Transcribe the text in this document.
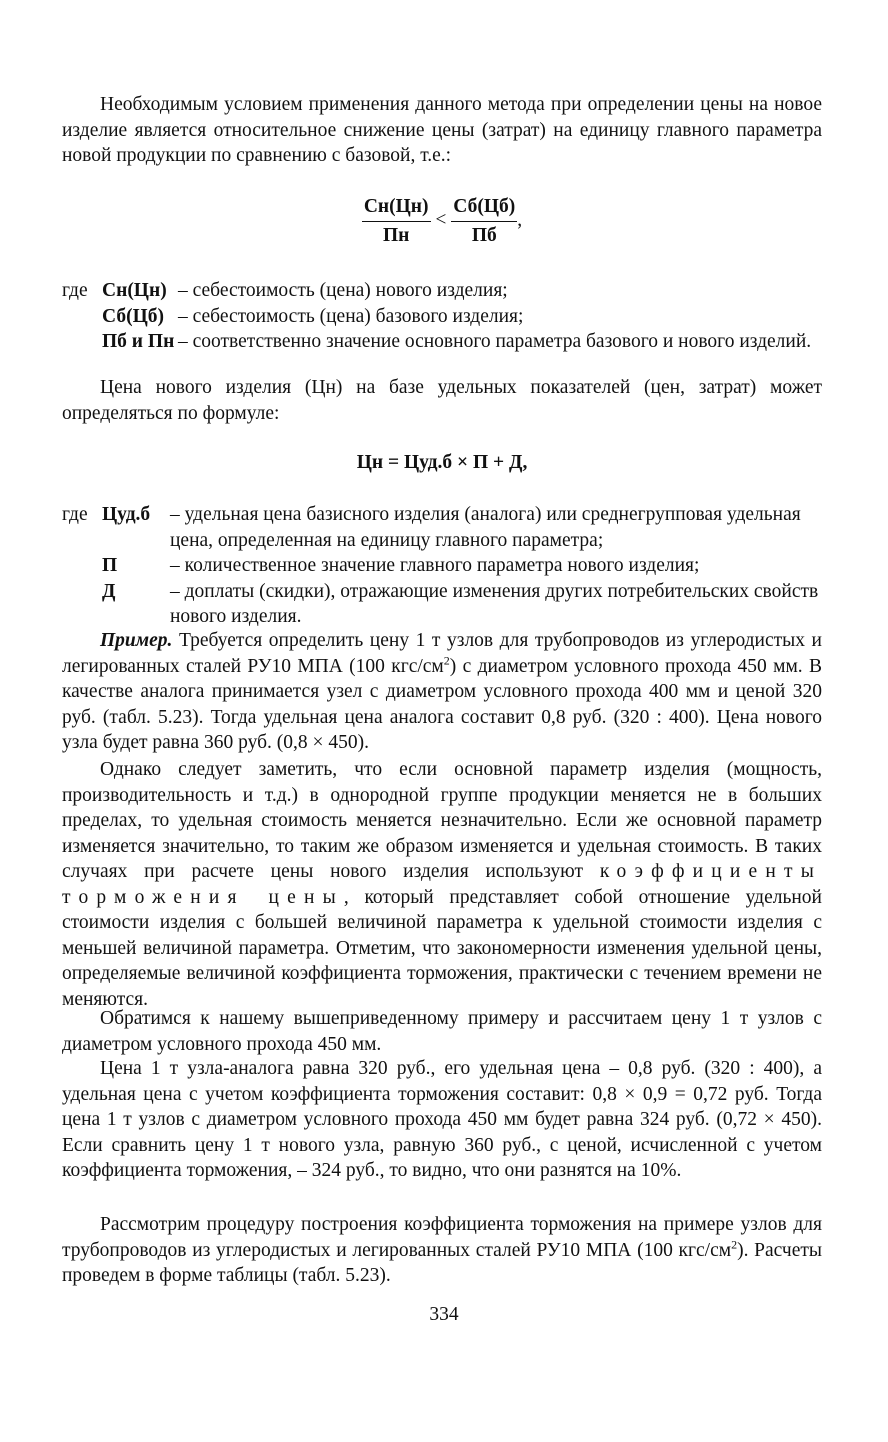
Необходимым условием применения данного метода при определении цены на новое изделие является относительное снижение цены (затрат) на единицу главного параметра новой продукции по сравнению с базовой, т.е.:
$\frac{Сн(Цн)}{Пн} < \frac{Сб(Цб)}{Пб}$ ,
где Сн(Цн) – себестоимость (цена) нового изделия;
Сб(Цб) – себестоимость (цена) базового изделия;
Пб и Пн – соответственно значение основного параметра базового и нового изделий.
Цена нового изделия (Цн) на базе удельных показателей (цен, затрат) может определяться по формуле:
Цн = Цуд.б × П + Д,
где Цуд.б	– удельная цена базисного изделия (аналога) или среднегрупповая удельная цена, определенная на единицу главного параметра;
П	– количественное значение главного параметра нового изделия;
Д	– доплаты (скидки), отражающие изменения других потребительских свойств нового изделия.
Пример. Требуется определить цену 1 т узлов для трубопроводов из углеродистых и легированных сталей РУ10 МПА (100 кгс/$см^2$) с диаметром условного прохода 450 мм. В качестве аналога принимается узел с диаметром условного прохода 400 мм и ценой 320 руб. (табл. 5.23). Тогда удельная цена аналога составит 0,8 руб. (320 : 400). Цена нового узла будет равна 360 руб. (0,8 × 450).
Однако следует заметить, что если основной параметр изделия (мощность, производительность и т.д.) в однородной группе продукции меняется не в больших пределах, то удельная стоимость меняется незначительно. Если же основной параметр изменяется значительно, то таким же образом изменяется и удельная стоимость. В таких случаях при расчете цены нового изделия используют коэффициенты торможения цены, который представляет собой отношение удельной стоимости изделия с большей величиной параметра к удельной стоимости изделия с меньшей величиной параметра. Отметим, что закономерности изменения удельной цены, определяемые величиной коэффициента торможения, практически с течением времени не меняются.
Обратимся к нашему вышеприведенному примеру и рассчитаем цену 1 т узлов с диаметром условного прохода 450 мм.
Цена 1 т узла-аналога равна 320 руб., его удельная цена – 0,8 руб. (320 : 400), а удельная цена с учетом коэффициента торможения составит: 0,8 × 0,9 = 0,72 руб. Тогда цена 1 т узлов с диаметром условного прохода 450 мм будет равна 324 руб. (0,72 × 450). Если сравнить цену 1 т нового узла, равную 360 руб., с ценой, исчисленной с учетом коэффициента торможения, – 324 руб., то видно, что они разнятся на 10%.
Рассмотрим процедуру построения коэффициента торможения на примере узлов для трубопроводов из углеродистых и легированных сталей РУ10 МПА (100 кгс/$см^2$). Расчеты проведем в форме таблицы (табл. 5.23).
334
